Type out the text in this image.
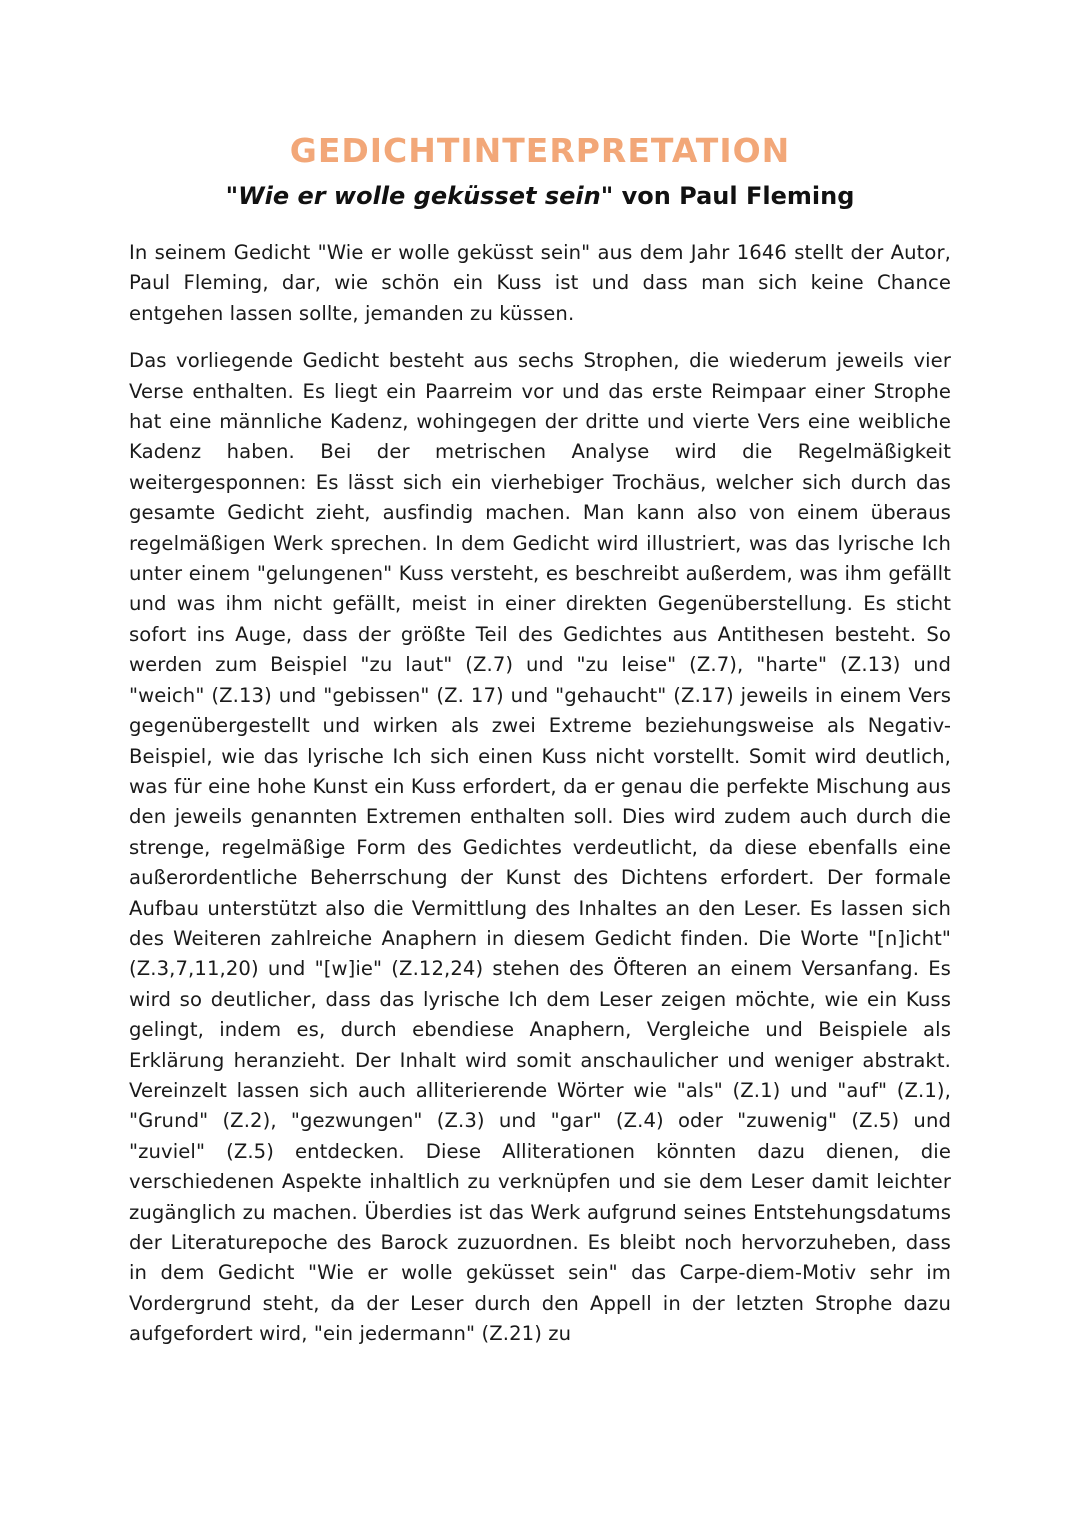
GEDICHTINTERPRETATION
"Wie er wolle geküsset sein" von Paul Fleming

In seinem Gedicht "Wie er wolle geküsst sein" aus dem Jahr 1646 stellt der Autor, Paul Fleming, dar, wie schön ein Kuss ist und dass man sich keine Chance entgehen lassen sollte, jemanden zu küssen.

Das vorliegende Gedicht besteht aus sechs Strophen, die wiederum jeweils vier Verse enthalten. Es liegt ein Paarreim vor und das erste Reimpaar einer Strophe hat eine männliche Kadenz, wohingegen der dritte und vierte Vers eine weibliche Kadenz haben. Bei der metrischen Analyse wird die Regelmäßigkeit weitergesponnen: Es lässt sich ein vierhebiger Trochäus, welcher sich durch das gesamte Gedicht zieht, ausfindig machen. Man kann also von einem überaus regelmäßigen Werk sprechen. In dem Gedicht wird illustriert, was das lyrische Ich unter einem "gelungenen" Kuss versteht, es beschreibt außerdem, was ihm gefällt und was ihm nicht gefällt, meist in einer direkten Gegenüberstellung. Es sticht sofort ins Auge, dass der größte Teil des Gedichtes aus Antithesen besteht. So werden zum Beispiel "zu laut" (Z.7) und "zu leise" (Z.7), "harte" (Z.13) und "weich" (Z.13) und "gebissen" (Z. 17) und "gehaucht" (Z.17) jeweils in einem Vers gegenübergestellt und wirken als zwei Extreme beziehungsweise als Negativ-Beispiel, wie das lyrische Ich sich einen Kuss nicht vorstellt. Somit wird deutlich, was für eine hohe Kunst ein Kuss erfordert, da er genau die perfekte Mischung aus den jeweils genannten Extremen enthalten soll. Dies wird zudem auch durch die strenge, regelmäßige Form des Gedichtes verdeutlicht, da diese ebenfalls eine außerordentliche Beherrschung der Kunst des Dichtens erfordert. Der formale Aufbau unterstützt also die Vermittlung des Inhaltes an den Leser. Es lassen sich des Weiteren zahlreiche Anaphern in diesem Gedicht finden. Die Worte "[n]icht" (Z.3,7,11,20) und "[w]ie" (Z.12,24) stehen des Öfteren an einem Versanfang. Es wird so deutlicher, dass das lyrische Ich dem Leser zeigen möchte, wie ein Kuss gelingt, indem es, durch ebendiese Anaphern, Vergleiche und Beispiele als Erklärung heranzieht. Der Inhalt wird somit anschaulicher und weniger abstrakt. Vereinzelt lassen sich auch alliterierende Wörter wie "als" (Z.1) und "auf" (Z.1), "Grund" (Z.2), "gezwungen" (Z.3) und "gar" (Z.4) oder "zuwenig" (Z.5) und "zuviel" (Z.5) entdecken. Diese Alliterationen könnten dazu dienen, die verschiedenen Aspekte inhaltlich zu verknüpfen und sie dem Leser damit leichter zugänglich zu machen. Überdies ist das Werk aufgrund seines Entstehungsdatums der Literaturepoche des Barock zuzuordnen. Es bleibt noch hervorzuheben, dass in dem Gedicht "Wie er wolle geküsset sein" das Carpe-diem-Motiv sehr im Vordergrund steht, da der Leser durch den Appell in der letzten Strophe dazu aufgefordert wird, "ein jedermann" (Z.21) zu
